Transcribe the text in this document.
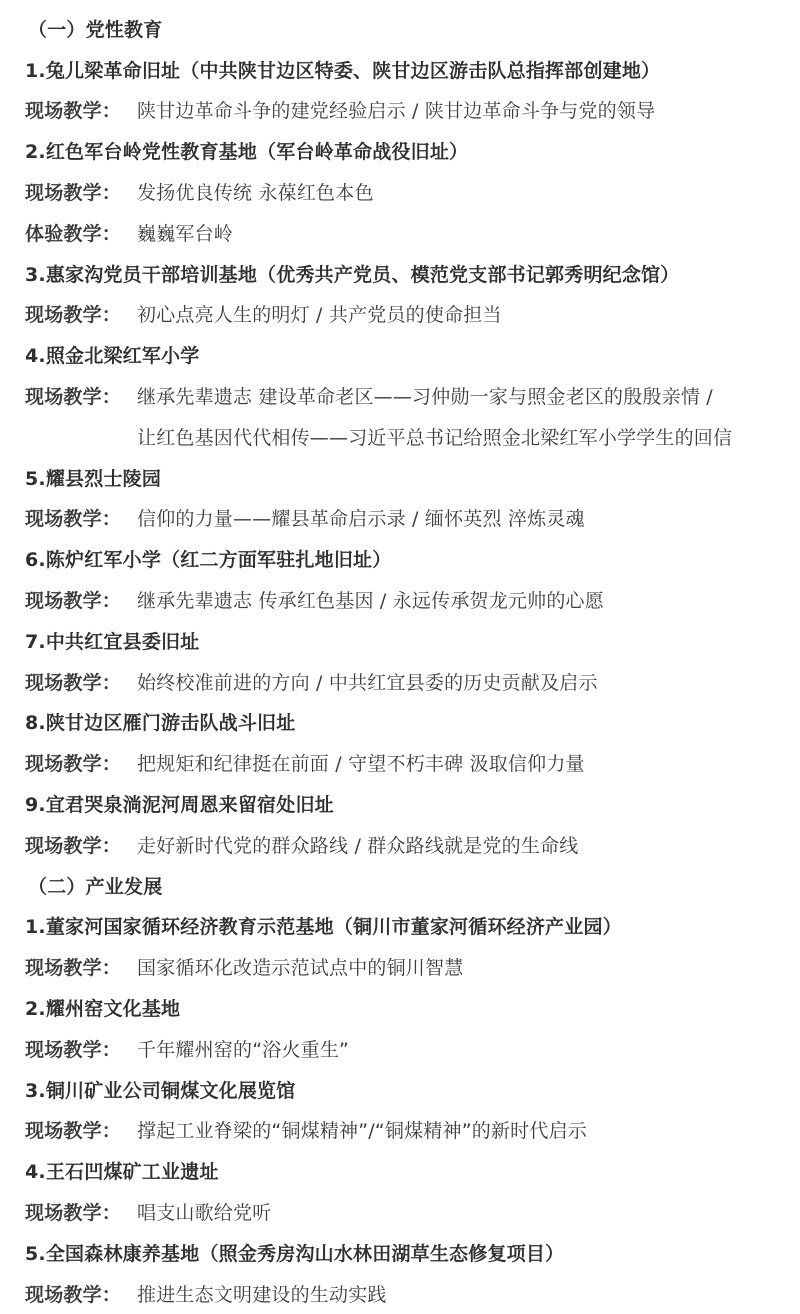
（一）党性教育
1.兔儿梁革命旧址（中共陕甘边区特委、陕甘边区游击队总指挥部创建地）
现场教学： 陕甘边革命斗争的建党经验启示 / 陕甘边革命斗争与党的领导
2.红色军台岭党性教育基地（军台岭革命战役旧址）
现场教学： 发扬优良传统 永葆红色本色
体验教学： 巍巍军台岭
3.惠家沟党员干部培训基地（优秀共产党员、模范党支部书记郭秀明纪念馆）
现场教学： 初心点亮人生的明灯 / 共产党员的使命担当
4.照金北梁红军小学
现场教学： 继承先辈遗志 建设革命老区——习仲勋一家与照金老区的殷殷亲情 /
让红色基因代代相传——习近平总书记给照金北梁红军小学学生的回信
5.耀县烈士陵园
现场教学： 信仰的力量——耀县革命启示录 / 缅怀英烈 淬炼灵魂
6.陈炉红军小学（红二方面军驻扎地旧址）
现场教学： 继承先辈遗志 传承红色基因 / 永远传承贺龙元帅的心愿
7.中共红宜县委旧址
现场教学： 始终校准前进的方向 / 中共红宜县委的历史贡献及启示
8.陕甘边区雁门游击队战斗旧址
现场教学： 把规矩和纪律挺在前面 / 守望不朽丰碑 汲取信仰力量
9.宜君哭泉淌泥河周恩来留宿处旧址
现场教学： 走好新时代党的群众路线 / 群众路线就是党的生命线
（二）产业发展
1.董家河国家循环经济教育示范基地（铜川市董家河循环经济产业园）
现场教学： 国家循环化改造示范试点中的铜川智慧
2.耀州窑文化基地
现场教学： 千年耀州窑的“浴火重生”
3.铜川矿业公司铜煤文化展览馆
现场教学： 撑起工业脊梁的“铜煤精神”/“铜煤精神”的新时代启示
4.王石凹煤矿工业遗址
现场教学： 唱支山歌给党听
5.全国森林康养基地（照金秀房沟山水林田湖草生态修复项目）
现场教学： 推进生态文明建设的生动实践
